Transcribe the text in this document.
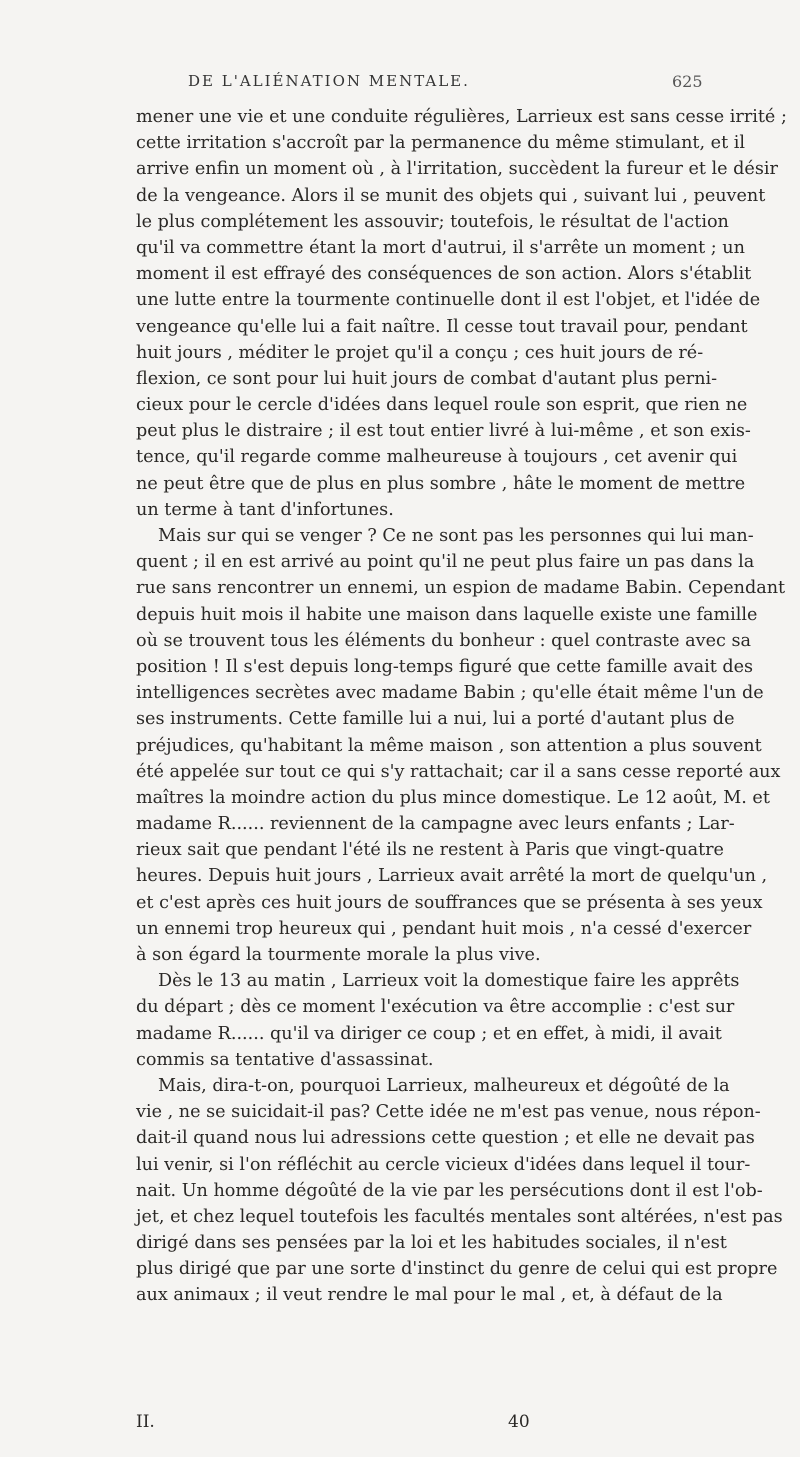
DE L'ALIÉNATION MENTALE.	625
mener une vie et une conduite régulières, Larrieux est sans cesse irrité ;
cette irritation s'accroît par la permanence du même stimulant, et il
arrive enfin un moment où , à l'irritation, succèdent la fureur et le désir
de la vengeance. Alors il se munit des objets qui , suivant lui , peuvent
le plus complétement les assouvir; toutefois, le résultat de l'action
qu'il va commettre étant la mort d'autrui, il s'arrête un moment ; un
moment il est effrayé des conséquences de son action. Alors s'établit
une lutte entre la tourmente continuelle dont il est l'objet, et l'idée de
vengeance qu'elle lui a fait naître. Il cesse tout travail pour, pendant
huit jours , méditer le projet qu'il a conçu ; ces huit jours de ré-
flexion, ce sont pour lui huit jours de combat d'autant plus perni-
cieux pour le cercle d'idées dans lequel roule son esprit, que rien ne
peut plus le distraire ; il est tout entier livré à lui-même , et son exis-
tence, qu'il regarde comme malheureuse à toujours , cet avenir qui
ne peut être que de plus en plus sombre , hâte le moment de mettre
un terme à tant d'infortunes.
Mais sur qui se venger ? Ce ne sont pas les personnes qui lui man-
quent ; il en est arrivé au point qu'il ne peut plus faire un pas dans la
rue sans rencontrer un ennemi, un espion de madame Babin. Cependant
depuis huit mois il habite une maison dans laquelle existe une famille
où se trouvent tous les éléments du bonheur : quel contraste avec sa
position ! Il s'est depuis long-temps figuré que cette famille avait des
intelligences secrètes avec madame Babin ; qu'elle était même l'un de
ses instruments. Cette famille lui a nui, lui a porté d'autant plus de
préjudices, qu'habitant la même maison , son attention a plus souvent
été appelée sur tout ce qui s'y rattachait; car il a sans cesse reporté aux
maîtres la moindre action du plus mince domestique. Le 12 août, M. et
madame R...... reviennent de la campagne avec leurs enfants ; Lar-
rieux sait que pendant l'été ils ne restent à Paris que vingt-quatre
heures. Depuis huit jours , Larrieux avait arrêté la mort de quelqu'un ,
et c'est après ces huit jours de souffrances que se présenta à ses yeux
un ennemi trop heureux qui , pendant huit mois , n'a cessé d'exercer
à son égard la tourmente morale la plus vive.
Dès le 13 au matin , Larrieux voit la domestique faire les apprêts
du départ ; dès ce moment l'exécution va être accomplie : c'est sur
madame R...... qu'il va diriger ce coup ; et en effet, à midi, il avait
commis sa tentative d'assassinat.
Mais, dira-t-on, pourquoi Larrieux, malheureux et dégoûté de la
vie , ne se suicidait-il pas? Cette idée ne m'est pas venue, nous répon-
dait-il quand nous lui adressions cette question ; et elle ne devait pas
lui venir, si l'on réfléchit au cercle vicieux d'idées dans lequel il tour-
nait. Un homme dégoûté de la vie par les persécutions dont il est l'ob-
jet, et chez lequel toutefois les facultés mentales sont altérées, n'est pas
dirigé dans ses pensées par la loi et les habitudes sociales, il n'est
plus dirigé que par une sorte d'instinct du genre de celui qui est propre
aux animaux ; il veut rendre le mal pour le mal , et, à défaut de la
II.	40
